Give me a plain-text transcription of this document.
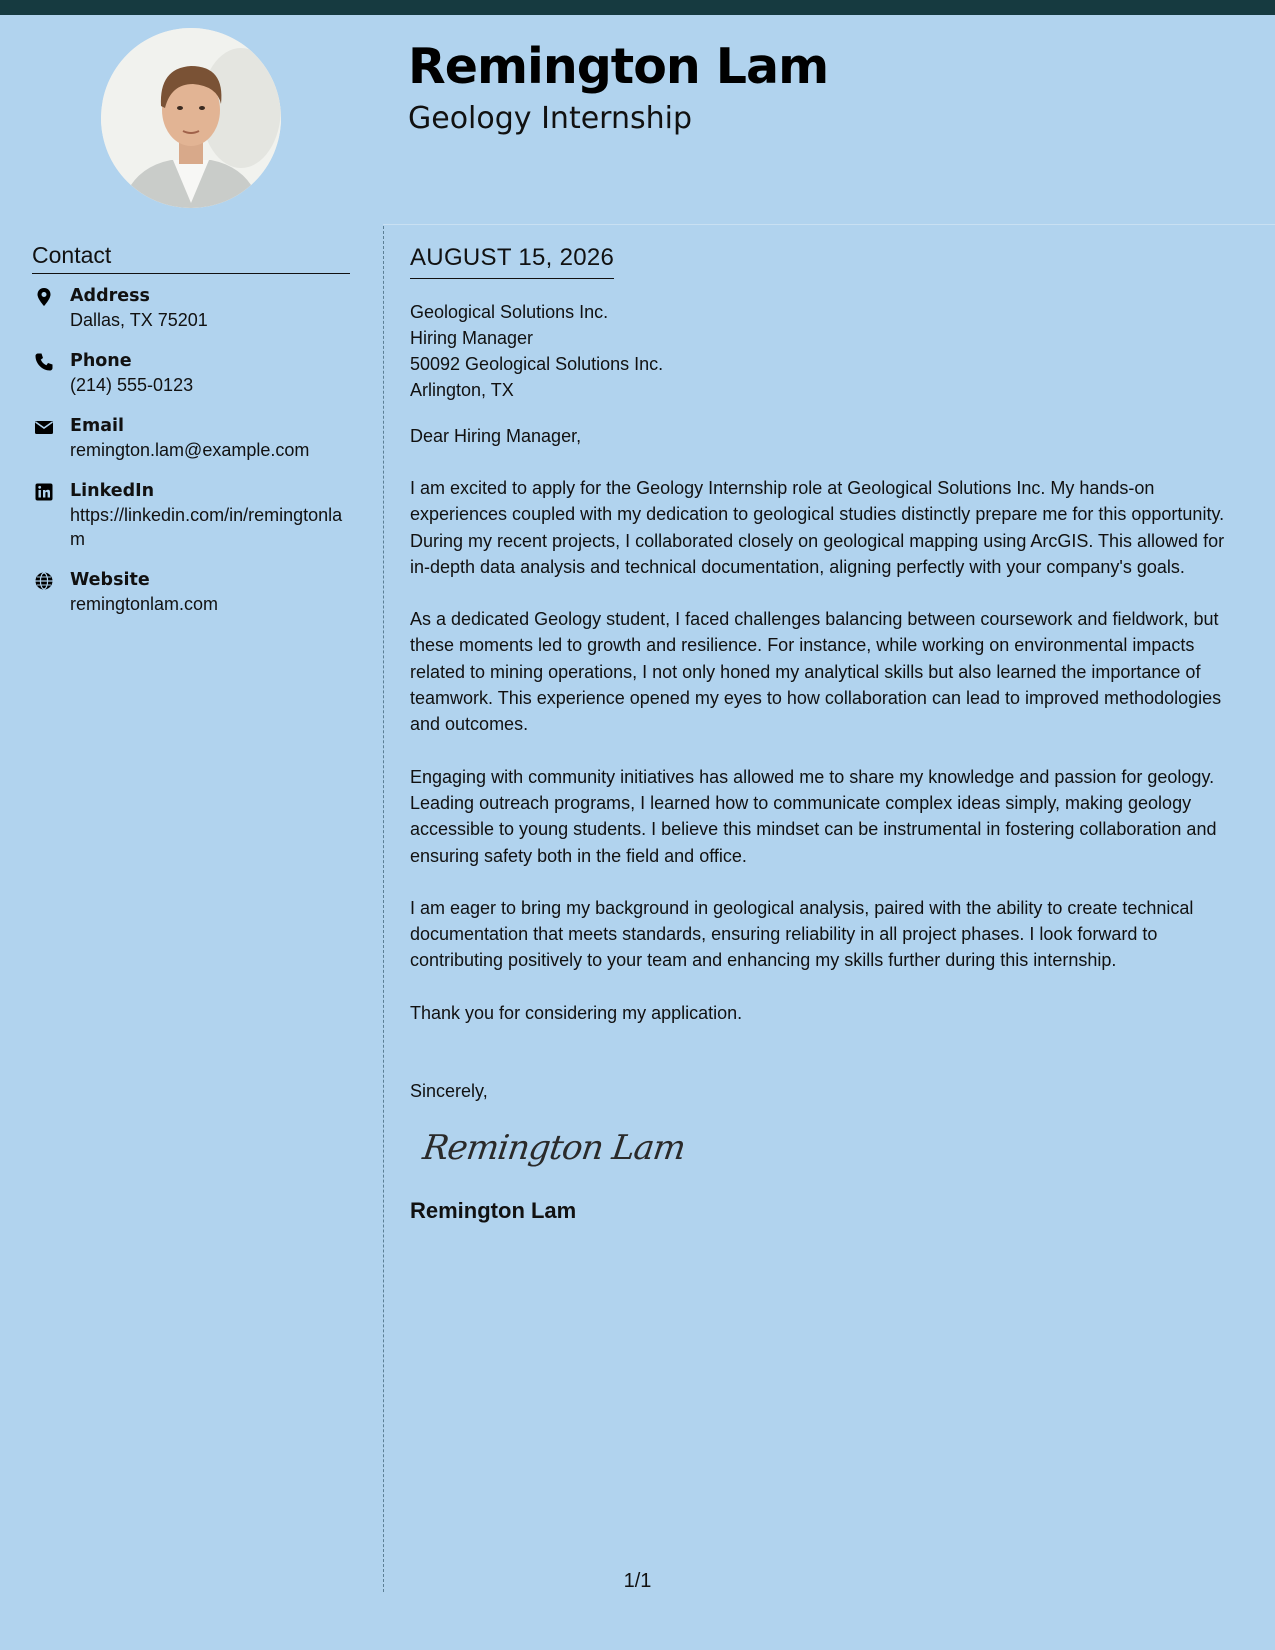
Remington Lam
Geology Internship
Contact
Address
Dallas, TX 75201
Phone
(214) 555-0123
Email
remington.lam@example.com
LinkedIn
https://linkedin.com/in/remingtonlam
Website
remingtonlam.com
AUGUST 15, 2026
Geological Solutions Inc.
Hiring Manager
50092 Geological Solutions Inc.
Arlington, TX
Dear Hiring Manager,
I am excited to apply for the Geology Internship role at Geological Solutions Inc. My hands-on experiences coupled with my dedication to geological studies distinctly prepare me for this opportunity. During my recent projects, I collaborated closely on geological mapping using ArcGIS. This allowed for in-depth data analysis and technical documentation, aligning perfectly with your company's goals.
As a dedicated Geology student, I faced challenges balancing between coursework and fieldwork, but these moments led to growth and resilience. For instance, while working on environmental impacts related to mining operations, I not only honed my analytical skills but also learned the importance of teamwork. This experience opened my eyes to how collaboration can lead to improved methodologies and outcomes.
Engaging with community initiatives has allowed me to share my knowledge and passion for geology. Leading outreach programs, I learned how to communicate complex ideas simply, making geology accessible to young students. I believe this mindset can be instrumental in fostering collaboration and ensuring safety both in the field and office.
I am eager to bring my background in geological analysis, paired with the ability to create technical documentation that meets standards, ensuring reliability in all project phases. I look forward to contributing positively to your team and enhancing my skills further during this internship.
Thank you for considering my application.
Sincerely,
Remington Lam
Remington Lam
1/1
